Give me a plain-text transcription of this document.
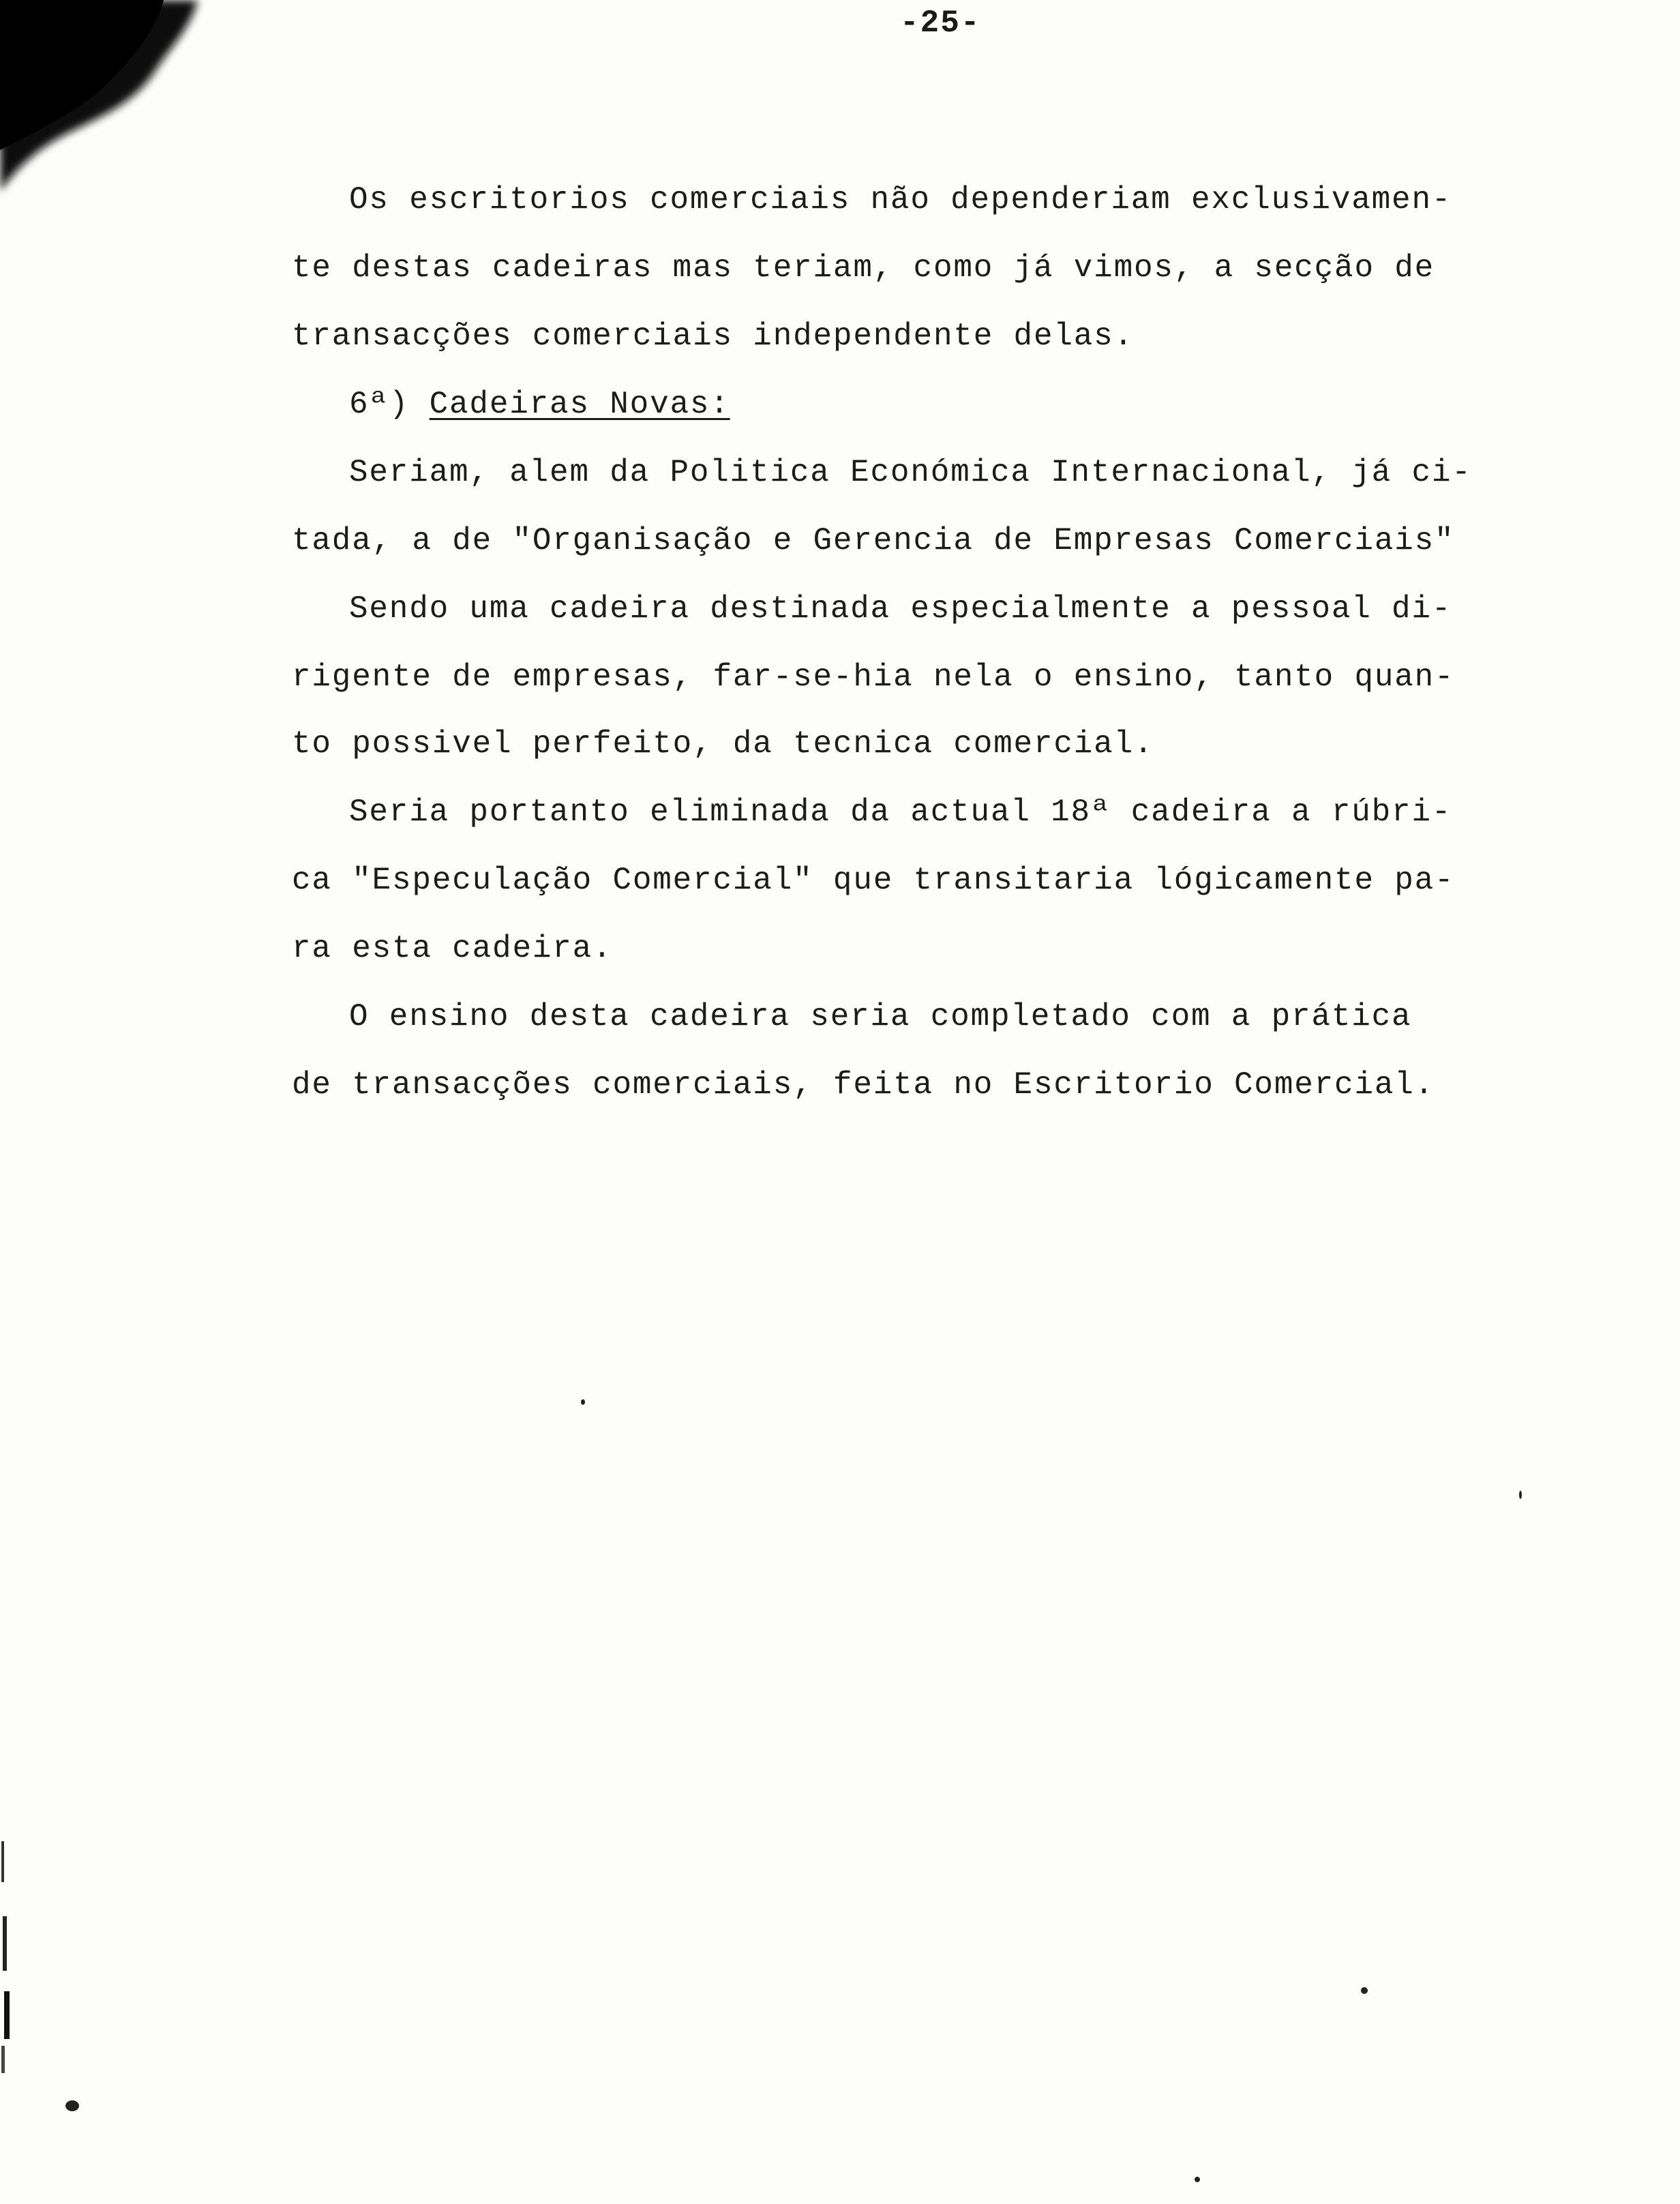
-25-
Os escritorios comerciais não dependeriam exclusivamen-
te destas cadeiras mas teriam, como já vimos, a secção de
transacções comerciais independente delas.
6ª) Cadeiras Novas:
Seriam, alem da Politica Económica Internacional, já ci-
tada, a de "Organisação e Gerencia de Empresas Comerciais"
Sendo uma cadeira destinada especialmente a pessoal di-
rigente de empresas, far-se-hia nela o ensino, tanto quan-
to possivel perfeito, da tecnica comercial.
Seria portanto eliminada da actual 18ª cadeira a rúbri-
ca "Especulação Comercial" que transitaria lógicamente pa-
ra esta cadeira.
O ensino desta cadeira seria completado com a prática
de transacções comerciais, feita no Escritorio Comercial.
